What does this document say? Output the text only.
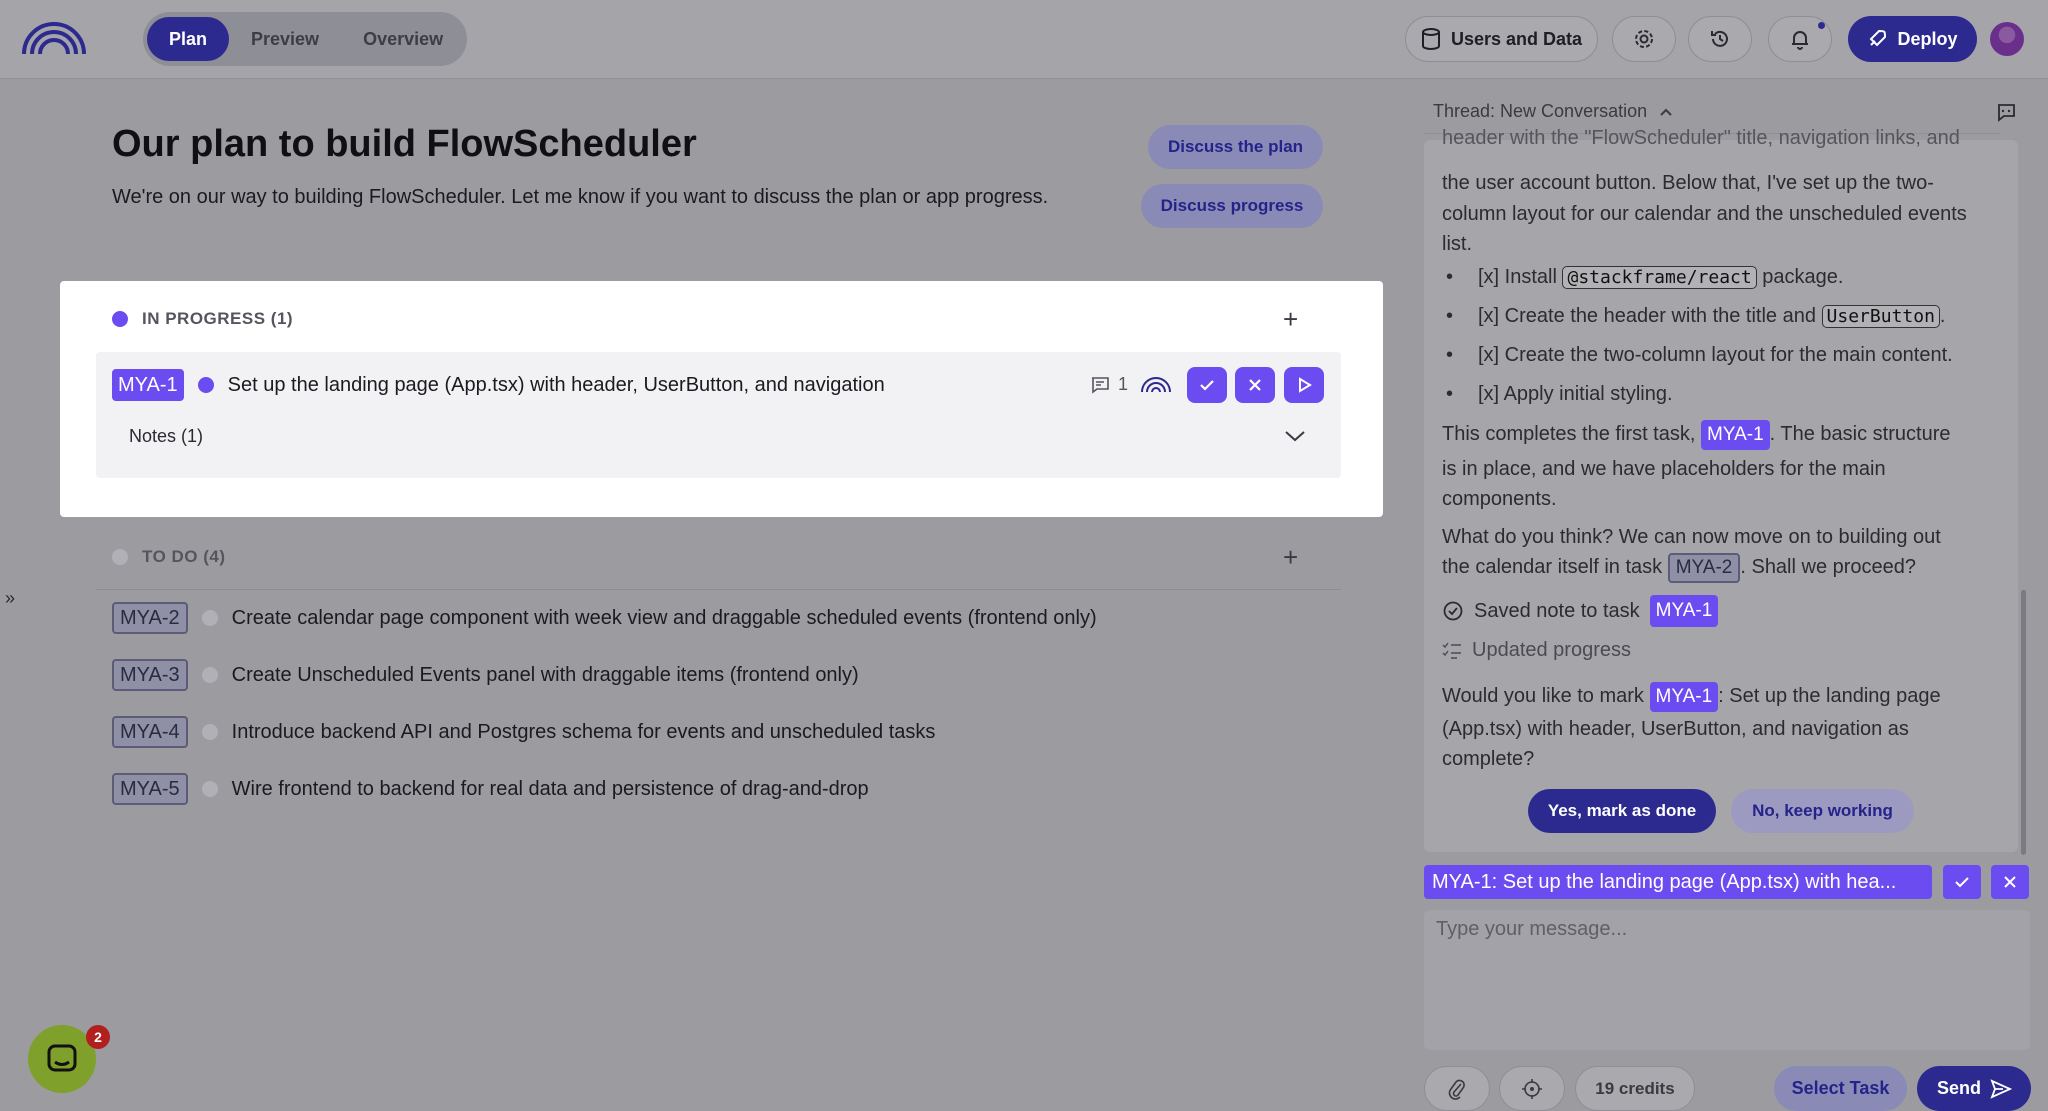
Plan	Preview	Overview	Users and Data	Deploy
»
Our plan to build FlowScheduler
We're on our way to building FlowScheduler. Let me know if you want to discuss the plan or app progress.
Discuss the plan
Discuss progress
IN PROGRESS (1)	+
MYA-1	Set up the landing page (App.tsx) with header, UserButton, and navigation	1
Notes (1)
TO DO (4)	+
MYA-2	Create calendar page component with week view and draggable scheduled events (frontend only)
MYA-3	Create Unscheduled Events panel with draggable items (frontend only)
MYA-4	Introduce backend API and Postgres schema for events and unscheduled tasks
MYA-5	Wire frontend to backend for real data and persistence of drag-and-drop
2
Thread: New Conversation
header with the "FlowScheduler" title, navigation links, and
the user account button. Below that, I've set up the two-
column layout for our calendar and the unscheduled events
list.
• [x] Install @stackframe/react package.
• [x] Create the header with the title and UserButton .
• [x] Create the two-column layout for the main content.
• [x] Apply initial styling.
This completes the first task, MYA-1 . The basic structure
is in place, and we have placeholders for the main
components.
What do you think? We can now move on to building out
the calendar itself in task MYA-2 . Shall we proceed?
Saved note to task MYA-1
Updated progress
Would you like to mark MYA-1 : Set up the landing page
(App.tsx) with header, UserButton, and navigation as
complete?
Yes, mark as done	No, keep working
MYA-1: Set up the landing page (App.tsx) with hea...
Type your message...
19 credits	Select Task	Send
